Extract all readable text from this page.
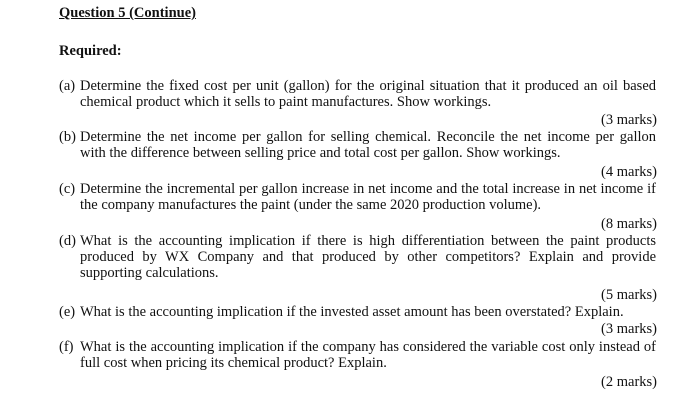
Question 5 (Continue)
Required:
(a) Determine the fixed cost per unit (gallon) for the original situation that it produced an oil based chemical product which it sells to paint manufactures. Show workings.
(3 marks)
(b) Determine the net income per gallon for selling chemical. Reconcile the net income per gallon with the difference between selling price and total cost per gallon. Show workings.
(4 marks)
(c) Determine the incremental per gallon increase in net income and the total increase in net income if the company manufactures the paint (under the same 2020 production volume).
(8 marks)
(d) What is the accounting implication if there is high differentiation between the paint products produced by WX Company and that produced by other competitors? Explain and provide supporting calculations.
(5 marks)
(e) What is the accounting implication if the invested asset amount has been overstated? Explain.
(3 marks)
(f) What is the accounting implication if the company has considered the variable cost only instead of full cost when pricing its chemical product? Explain.
(2 marks)
